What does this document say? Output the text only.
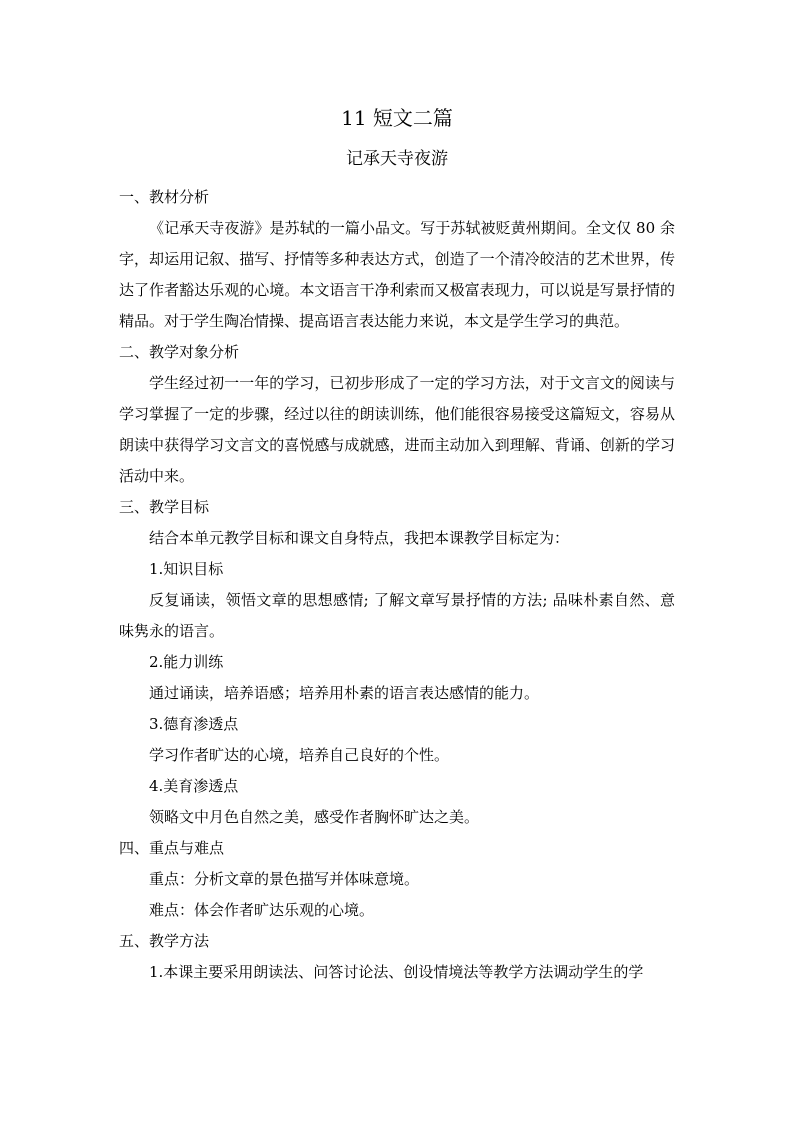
11 短文二篇
记承天寺夜游

一、教材分析

《记承天寺夜游》是苏轼的一篇小品文。写于苏轼被贬黄州期间。全文仅 80 余字，却运用记叙、描写、抒情等多种表达方式，创造了一个清冷皎洁的艺术世界，传达了作者豁达乐观的心境。本文语言干净利索而又极富表现力，可以说是写景抒情的精品。对于学生陶冶情操、提高语言表达能力来说，本文是学生学习的典范。

二、教学对象分析

学生经过初一一年的学习，已初步形成了一定的学习方法，对于文言文的阅读与学习掌握了一定的步骤，经过以往的朗读训练，他们能很容易接受这篇短文，容易从朗读中获得学习文言文的喜悦感与成就感，进而主动加入到理解、背诵、创新的学习活动中来。

三、教学目标

结合本单元教学目标和课文自身特点，我把本课教学目标定为：

1.知识目标

反复诵读，领悟文章的思想感情; 了解文章写景抒情的方法; 品味朴素自然、意味隽永的语言。

2.能力训练

通过诵读，培养语感；培养用朴素的语言表达感情的能力。

3.德育渗透点

学习作者旷达的心境，培养自己良好的个性。

4.美育渗透点

领略文中月色自然之美，感受作者胸怀旷达之美。

四、重点与难点

重点：分析文章的景色描写并体味意境。

难点：体会作者旷达乐观的心境。

五、教学方法

1.本课主要采用朗读法、问答讨论法、创设情境法等教学方法调动学生的学
